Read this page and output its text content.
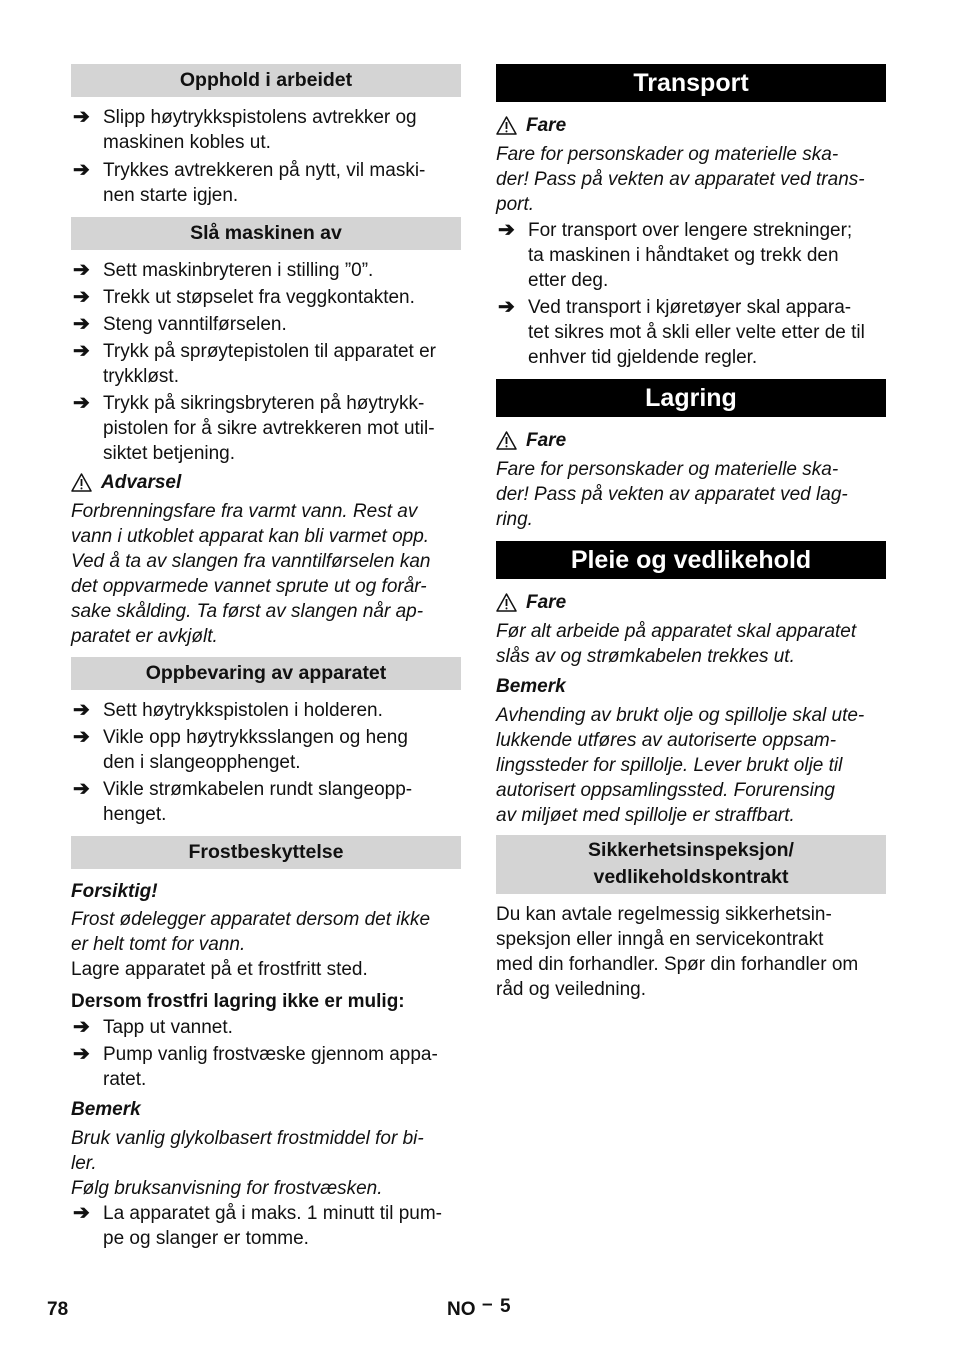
Opphold i arbeidet
➔ Slipp høytrykkspistolens avtrekker og
maskinen kobles ut.
➔ Trykkes avtrekkeren på nytt, vil maski-
nen starte igjen.
Slå maskinen av
➔ Sett maskinbryteren i stilling ”0”.
➔ Trekk ut støpselet fra veggkontakten.
➔ Steng vanntilførselen.
➔ Trykk på sprøytepistolen til apparatet er
trykkløst.
➔ Trykk på sikringsbryteren på høytrykk-
pistolen for å sikre avtrekkeren mot util-
siktet betjening.
Advarsel

Forbrenningsfare fra varmt vann. Rest av
vann i utkoblet apparat kan bli varmet opp.
Ved å ta av slangen fra vanntilførselen kan
det oppvarmede vannet sprute ut og forår-
sake skålding. Ta først av slangen når ap-
paratet er avkjølt.

Oppbevaring av apparatet
➔ Sett høytrykkspistolen i holderen.
➔ Vikle opp høytrykksslangen og heng
den i slangeopphenget.
➔ Vikle strømkabelen rundt slangeopp-
henget.
Frostbeskyttelse

Forsiktig!

Frost ødelegger apparatet dersom det ikke
er helt tomt for vann.

Lagre apparatet på et frostfritt sted.

Dersom frostfri lagring ikke er mulig:

➔ Tapp ut vannet.
➔ Pump vanlig frostvæske gjennom appa-
ratet.

Bemerk

Bruk vanlig glykolbasert frostmiddel for bi-
ler.
Følg bruksanvisning for frostvæsken.

➔ La apparatet gå i maks. 1 minutt til pum-
pe og slanger er tomme.
Transport
Fare

Fare for personskader og materielle ska-
der! Pass på vekten av apparatet ved trans-
port.

➔ For transport over lengere strekninger;
ta maskinen i håndtaket og trekk den
etter deg.
➔ Ved transport i kjøretøyer skal appara-
tet sikres mot å skli eller velte etter de til
enhver tid gjeldende regler.
Lagring
Fare

Fare for personskader og materielle ska-
der! Pass på vekten av apparatet ved lag-
ring.

Pleie og vedlikehold
Fare

Før alt arbeide på apparatet skal apparatet
slås av og strømkabelen trekkes ut.

Bemerk

Avhending av brukt olje og spillolje skal ute-
lukkende utføres av autoriserte oppsam-
lingssteder for spillolje. Lever brukt olje til
autorisert oppsamlingssted. Forurensing
av miljøet med spillolje er straffbart.

Sikkerhetsinspeksjon/
vedlikeholdskontrakt

Du kan avtale regelmessig sikkerhetsin-
speksjon eller inngå en servicekontrakt
med din forhandler. Spør din forhandler om
råd og veiledning.

78	NO – 5
